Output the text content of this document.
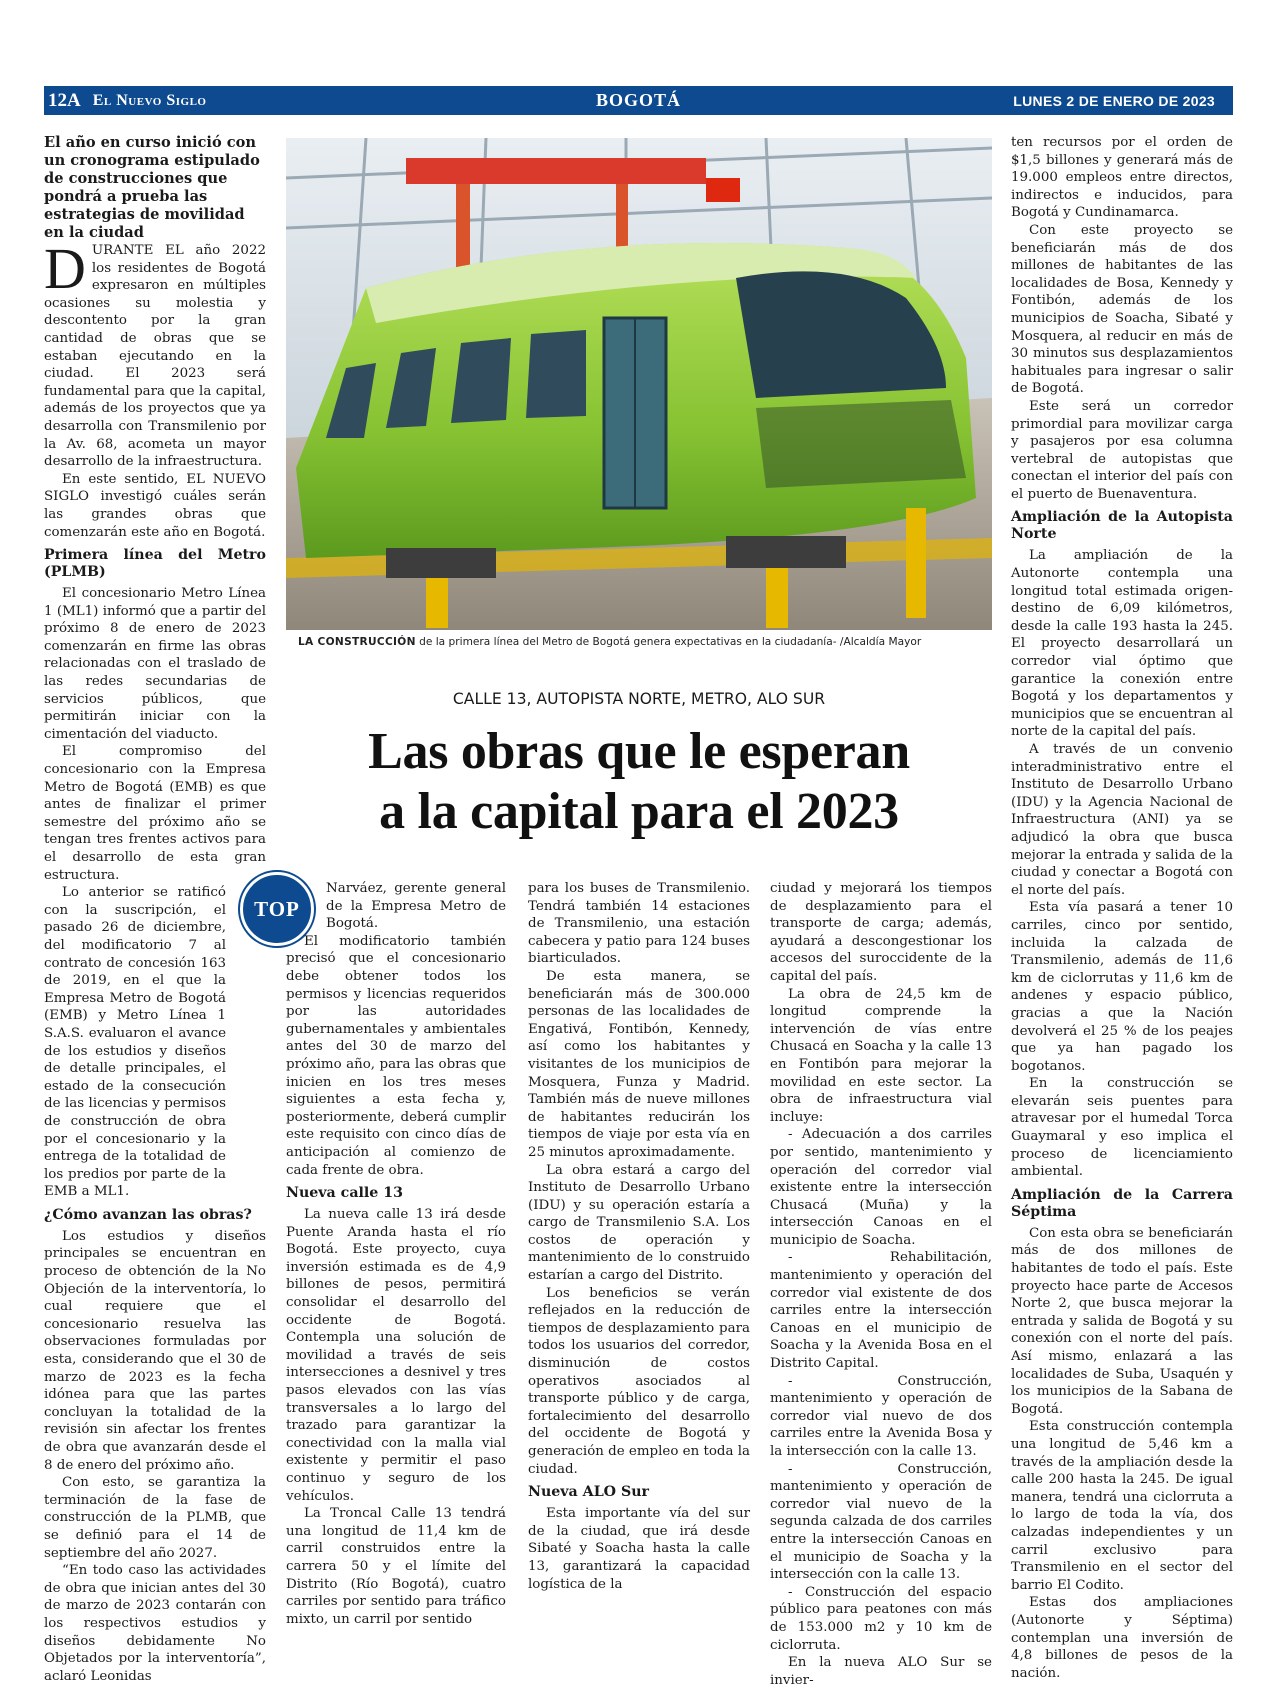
12A El Nuevo Siglo	BOGOTÁ	LUNES 2 DE ENERO DE 2023

El año en curso inició con un cronograma estipulado de construcciones que pondrá a prueba las estrategias de movilidad en la ciudad

DURANTE EL año 2022 los residentes de Bogotá expresaron en múltiples ocasiones su molestia y descontento por la gran cantidad de obras que se estaban ejecutando en la ciudad. El 2023 será fundamental para que la capital, además de los proyectos que ya desarrolla con Transmilenio por la Av. 68, acometa un mayor desarrollo de la infraestructura.

En este sentido, EL NUEVO SIGLO investigó cuáles serán las grandes obras que comenzarán este año en Bogotá.

Primera línea del Metro (PLMB)

El concesionario Metro Línea 1 (ML1) informó que a partir del próximo 8 de enero de 2023 comenzarán en firme las obras relacionadas con el traslado de las redes secundarias de servicios públicos, que permitirán iniciar con la cimentación del viaducto.

El compromiso del concesionario con la Empresa Metro de Bogotá (EMB) es que antes de finalizar el primer semestre del próximo año se tengan tres frentes activos para el desarrollo de esta gran estructura.

Lo anterior se ratificó con la suscripción, el pasado 26 de diciembre, del modificatorio 7 al contrato de concesión 163 de 2019, en el que la Empresa Metro de Bogotá (EMB) y Metro Línea 1 S.A.S. evaluaron el avance de los estudios y diseños de detalle principales, el estado de la consecución de las licencias y permisos de construcción de obra por el concesionario y la entrega de la totalidad de los predios por parte de la EMB a ML1.

¿Cómo avanzan las obras?

Los estudios y diseños principales se encuentran en proceso de obtención de la No Objeción de la interventoría, lo cual requiere que el concesionario resuelva las observaciones formuladas por esta, considerando que el 30 de marzo de 2023 es la fecha idónea para que las partes concluyan la totalidad de la revisión sin afectar los frentes de obra que avanzarán desde el 8 de enero del próximo año.

Con esto, se garantiza la terminación de la fase de construcción de la PLMB, que se definió para el 14 de septiembre del año 2027.

“En todo caso las actividades de obra que inician antes del 30 de marzo de 2023 contarán con los respectivos estudios y diseños debidamente No Objetados por la interventoría”, aclaró Leonidas

LA CONSTRUCCIÓN de la primera línea del Metro de Bogotá genera expectativas en la ciudadanía- /Alcaldía Mayor
CALLE 13, AUTOPISTA NORTE, METRO, ALO SUR
Las obras que le esperan
a la capital para el 2023
TOP

Narváez, gerente general de la Empresa Metro de Bogotá.

El modificatorio también precisó que el concesionario debe obtener todos los permisos y licencias requeridos por las autoridades gubernamentales y ambientales antes del 30 de marzo del próximo año, para las obras que inicien en los tres meses siguientes a esta fecha y, posteriormente, deberá cumplir este requisito con cinco días de anticipación al comienzo de cada frente de obra.

Nueva calle 13

La nueva calle 13 irá desde Puente Aranda hasta el río Bogotá. Este proyecto, cuya inversión estimada es de 4,9 billones de pesos, permitirá consolidar el desarrollo del occidente de Bogotá. Contempla una solución de movilidad a través de seis intersecciones a desnivel y tres pasos elevados con las vías transversales a lo largo del trazado para garantizar la conectividad con la malla vial existente y permitir el paso continuo y seguro de los vehículos.

La Troncal Calle 13 tendrá una longitud de 11,4 km de carril construidos entre la carrera 50 y el límite del Distrito (Río Bogotá), cuatro carriles por sentido para tráfico mixto, un carril por sentido

para los buses de Transmilenio. Tendrá también 14 estaciones de Transmilenio, una estación cabecera y patio para 124 buses biarticulados.

De esta manera, se beneficiarán más de 300.000 personas de las localidades de Engativá, Fontibón, Kennedy, así como los habitantes y visitantes de los municipios de Mosquera, Funza y Madrid. También más de nueve millones de habitantes reducirán los tiempos de viaje por esta vía en 25 minutos aproximadamente.

La obra estará a cargo del Instituto de Desarrollo Urbano (IDU) y su operación estaría a cargo de Transmilenio S.A. Los costos de operación y mantenimiento de lo construido estarían a cargo del Distrito.

Los beneficios se verán reflejados en la reducción de tiempos de desplazamiento para todos los usuarios del corredor, disminución de costos operativos asociados al transporte público y de carga, fortalecimiento del desarrollo del occidente de Bogotá y generación de empleo en toda la ciudad.

Nueva ALO Sur

Esta importante vía del sur de la ciudad, que irá desde Sibaté y Soacha hasta la calle 13, garantizará la capacidad logística de la

ciudad y mejorará los tiempos de desplazamiento para el transporte de carga; además, ayudará a descongestionar los accesos del suroccidente de la capital del país.

La obra de 24,5 km de longitud comprende la intervención de vías entre Chusacá en Soacha y la calle 13 en Fontibón para mejorar la movilidad en este sector. La obra de infraestructura vial incluye:

- Adecuación a dos carriles por sentido, mantenimiento y operación del corredor vial existente entre la intersección Chusacá (Muña) y la intersección Canoas en el municipio de Soacha.

- Rehabilitación, mantenimiento y operación del corredor vial existente de dos carriles entre la intersección Canoas en el municipio de Soacha y la Avenida Bosa en el Distrito Capital.

- Construcción, mantenimiento y operación de corredor vial nuevo de dos carriles entre la Avenida Bosa y la intersección con la calle 13.

- Construcción, mantenimiento y operación de corredor vial nuevo de la segunda calzada de dos carriles entre la intersección Canoas en el municipio de Soacha y la intersección con la calle 13.

- Construcción del espacio público para peatones con más de 153.000 m2 y 10 km de ciclorruta.

En la nueva ALO Sur se invier-

ten recursos por el orden de $1,5 billones y generará más de 19.000 empleos entre directos, indirectos e inducidos, para Bogotá y Cundinamarca.

Con este proyecto se beneficiarán más de dos millones de habitantes de las localidades de Bosa, Kennedy y Fontibón, además de los municipios de Soacha, Sibaté y Mosquera, al reducir en más de 30 minutos sus desplazamientos habituales para ingresar o salir de Bogotá.

Este será un corredor primordial para movilizar carga y pasajeros por esa columna vertebral de autopistas que conectan el interior del país con el puerto de Buenaventura.

Ampliación de la Autopista Norte

La ampliación de la Autonorte contempla una longitud total estimada origen-destino de 6,09 kilómetros, desde la calle 193 hasta la 245. El proyecto desarrollará un corredor vial óptimo que garantice la conexión entre Bogotá y los departamentos y municipios que se encuentran al norte de la capital del país.

A través de un convenio interadministrativo entre el Instituto de Desarrollo Urbano (IDU) y la Agencia Nacional de Infraestructura (ANI) ya se adjudicó la obra que busca mejorar la entrada y salida de la ciudad y conectar a Bogotá con el norte del país.

Esta vía pasará a tener 10 carriles, cinco por sentido, incluida la calzada de Transmilenio, además de 11,6 km de ciclorrutas y 11,6 km de andenes y espacio público, gracias a que la Nación devolverá el 25 % de los peajes que ya han pagado los bogotanos.

En la construcción se elevarán seis puentes para atravesar por el humedal Torca Guaymaral y eso implica el proceso de licenciamiento ambiental.

Ampliación de la Carrera Séptima

Con esta obra se beneficiarán más de dos millones de habitantes de todo el país. Este proyecto hace parte de Accesos Norte 2, que busca mejorar la entrada y salida de Bogotá y su conexión con el norte del país. Así mismo, enlazará a las localidades de Suba, Usaquén y los municipios de la Sabana de Bogotá.

Esta construcción contempla una longitud de 5,46 km a través de la ampliación desde la calle 200 hasta la 245. De igual manera, tendrá una ciclorruta a lo largo de toda la vía, dos calzadas independientes y un carril exclusivo para Transmilenio en el sector del barrio El Codito.

Estas dos ampliaciones (Autonorte y Séptima) contemplan una inversión de 4,8 billones de pesos de la nación.
